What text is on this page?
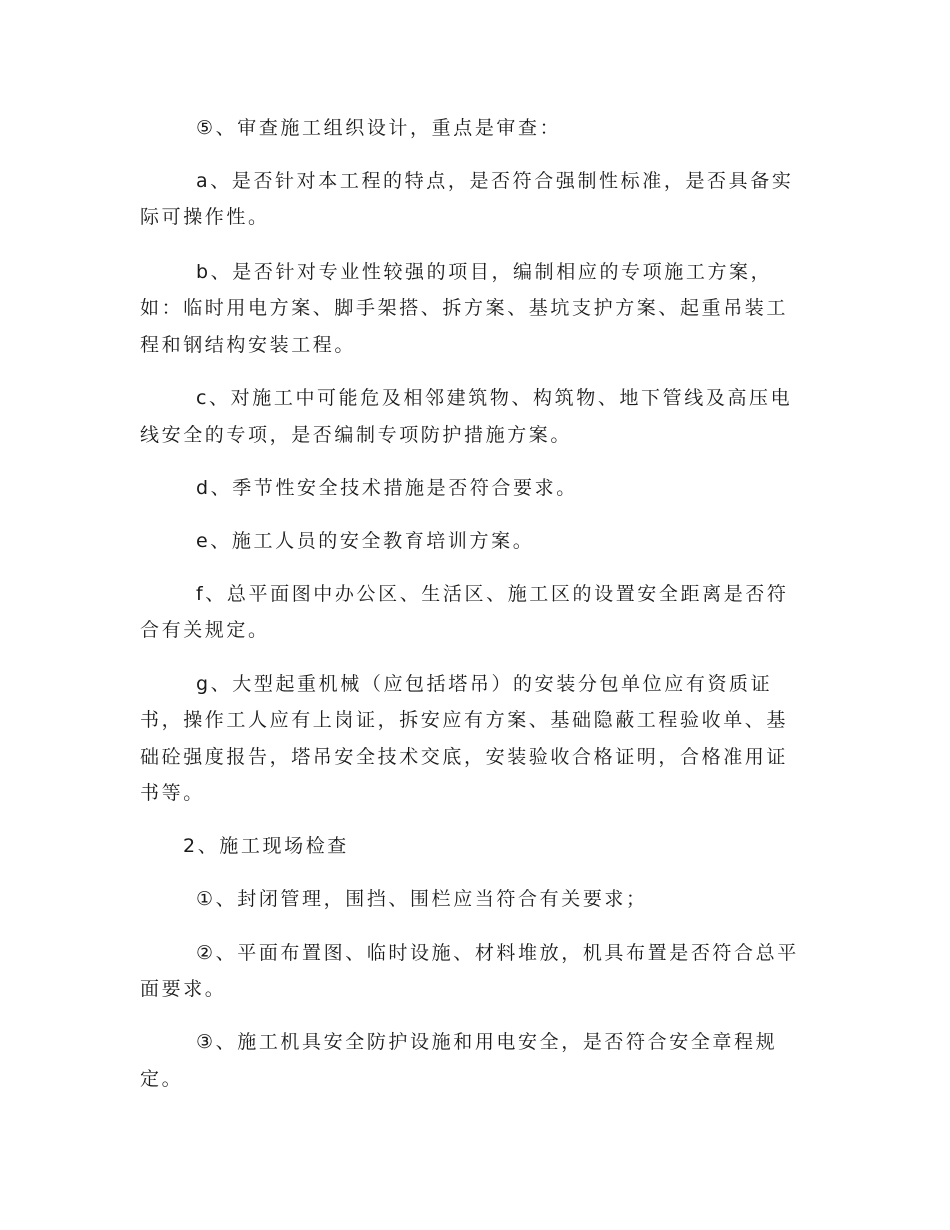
⑤、审查施工组织设计，重点是审查：
a、是否针对本工程的特点，是否符合强制性标准，是否具备实
际可操作性。
b、是否针对专业性较强的项目，编制相应的专项施工方案，
如：临时用电方案、脚手架搭、拆方案、基坑支护方案、起重吊装工
程和钢结构安装工程。
c、对施工中可能危及相邻建筑物、构筑物、地下管线及高压电
线安全的专项，是否编制专项防护措施方案。
d、季节性安全技术措施是否符合要求。
e、施工人员的安全教育培训方案。
f、总平面图中办公区、生活区、施工区的设置安全距离是否符
合有关规定。
g、大型起重机械（应包括塔吊）的安装分包单位应有资质证
书，操作工人应有上岗证，拆安应有方案、基础隐蔽工程验收单、基
础砼强度报告，塔吊安全技术交底，安装验收合格证明，合格准用证
书等。
2、施工现场检查
①、封闭管理，围挡、围栏应当符合有关要求；
②、平面布置图、临时设施、材料堆放，机具布置是否符合总平
面要求。
③、施工机具安全防护设施和用电安全，是否符合安全章程规
定。
